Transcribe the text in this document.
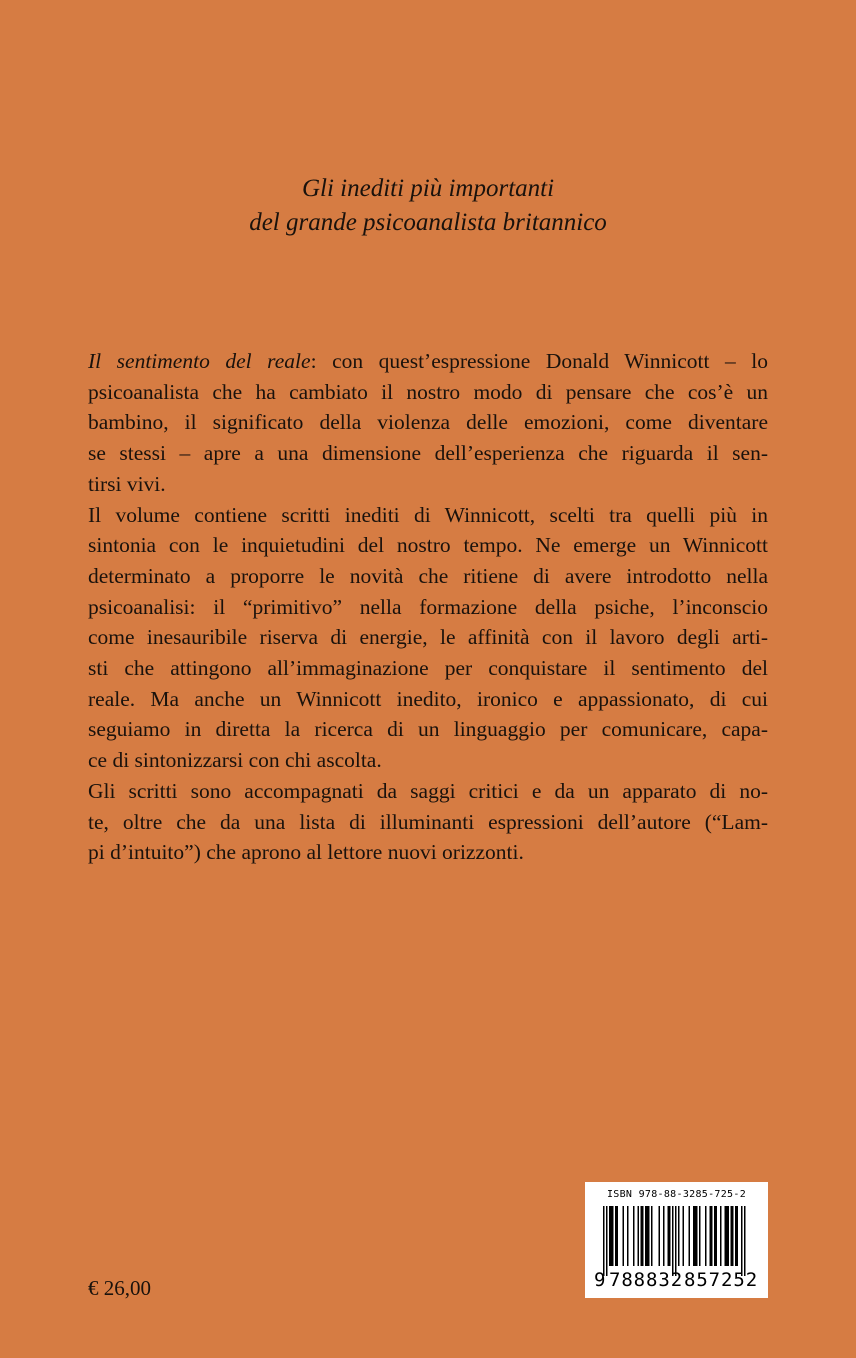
Gli inediti più importanti
del grande psicoanalista britannico

Il sentimento del reale: con quest’espressione Donald Winnicott – lo
psicoanalista che ha cambiato il nostro modo di pensare che cos’è un
bambino, il significato della violenza delle emozioni, come diventare
se stessi – apre a una dimensione dell’esperienza che riguarda il sen-
tirsi vivi.

Il volume contiene scritti inediti di Winnicott, scelti tra quelli più in
sintonia con le inquietudini del nostro tempo. Ne emerge un Winnicott
determinato a proporre le novità che ritiene di avere introdotto nella
psicoanalisi: il “primitivo” nella formazione della psiche, l’inconscio
come inesauribile riserva di energie, le affinità con il lavoro degli arti-
sti che attingono all’immaginazione per conquistare il sentimento del
reale. Ma anche un Winnicott inedito, ironico e appassionato, di cui
seguiamo in diretta la ricerca di un linguaggio per comunicare, capa-
ce di sintonizzarsi con chi ascolta.

Gli scritti sono accompagnati da saggi critici e da un apparato di no-
te, oltre che da una lista di illuminanti espressioni dell’autore (“Lam-
pi d’intuito”) che aprono al lettore nuovi orizzonti.

€ 26,00
ISBN 978-88-3285-725-2
9 788832 857252
